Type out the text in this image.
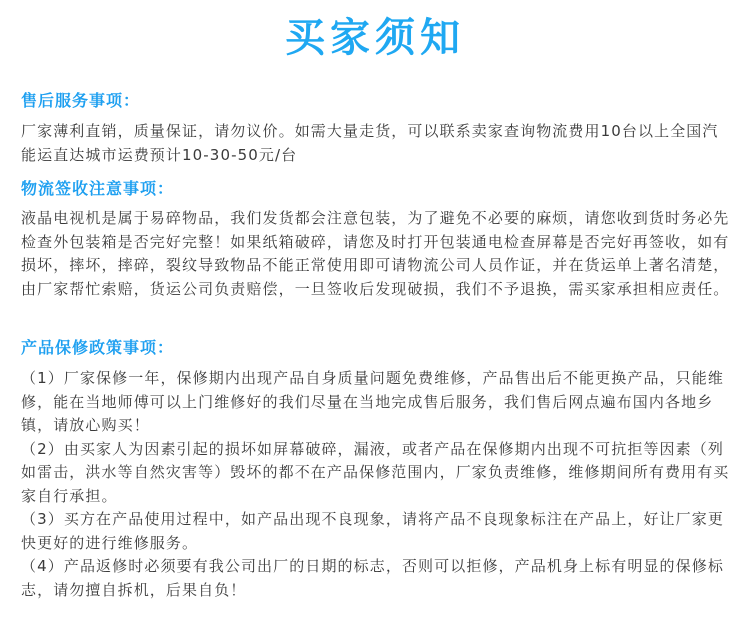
买家须知
售后服务事项：

厂家薄利直销，质量保证，请勿议价。如需大量走货，可以联系卖家查询物流费用10台以上全国汽能运直达城市运费预计10-30-50元/台

物流签收注意事项：

液晶电视机是属于易碎物品，我们发货都会注意包装，为了避免不必要的麻烦，请您收到货时务必先检查外包装箱是否完好完整！如果纸箱破碎，请您及时打开包装通电检查屏幕是否完好再签收，如有损坏，摔坏，摔碎，裂纹导致物品不能正常使用即可请物流公司人员作证，并在货运单上著名清楚，由厂家帮忙索赔，货运公司负责赔偿，一旦签收后发现破损，我们不予退换，需买家承担相应责任。

产品保修政策事项：

（1）厂家保修一年，保修期内出现产品自身质量问题免费维修，产品售出后不能更换产品，只能维修，能在当地师傅可以上门维修好的我们尽量在当地完成售后服务，我们售后网点遍布国内各地乡镇，请放心购买！

（2）由买家人为因素引起的损坏如屏幕破碎，漏液，或者产品在保修期内出现不可抗拒等因素（列如雷击，洪水等自然灾害等）毁坏的都不在产品保修范围内，厂家负责维修，维修期间所有费用有买家自行承担。

（3）买方在产品使用过程中，如产品出现不良现象，请将产品不良现象标注在产品上，好让厂家更快更好的进行维修服务。

（4）产品返修时必须要有我公司出厂的日期的标志，否则可以拒修，产品机身上标有明显的保修标志，请勿擅自拆机，后果自负！
